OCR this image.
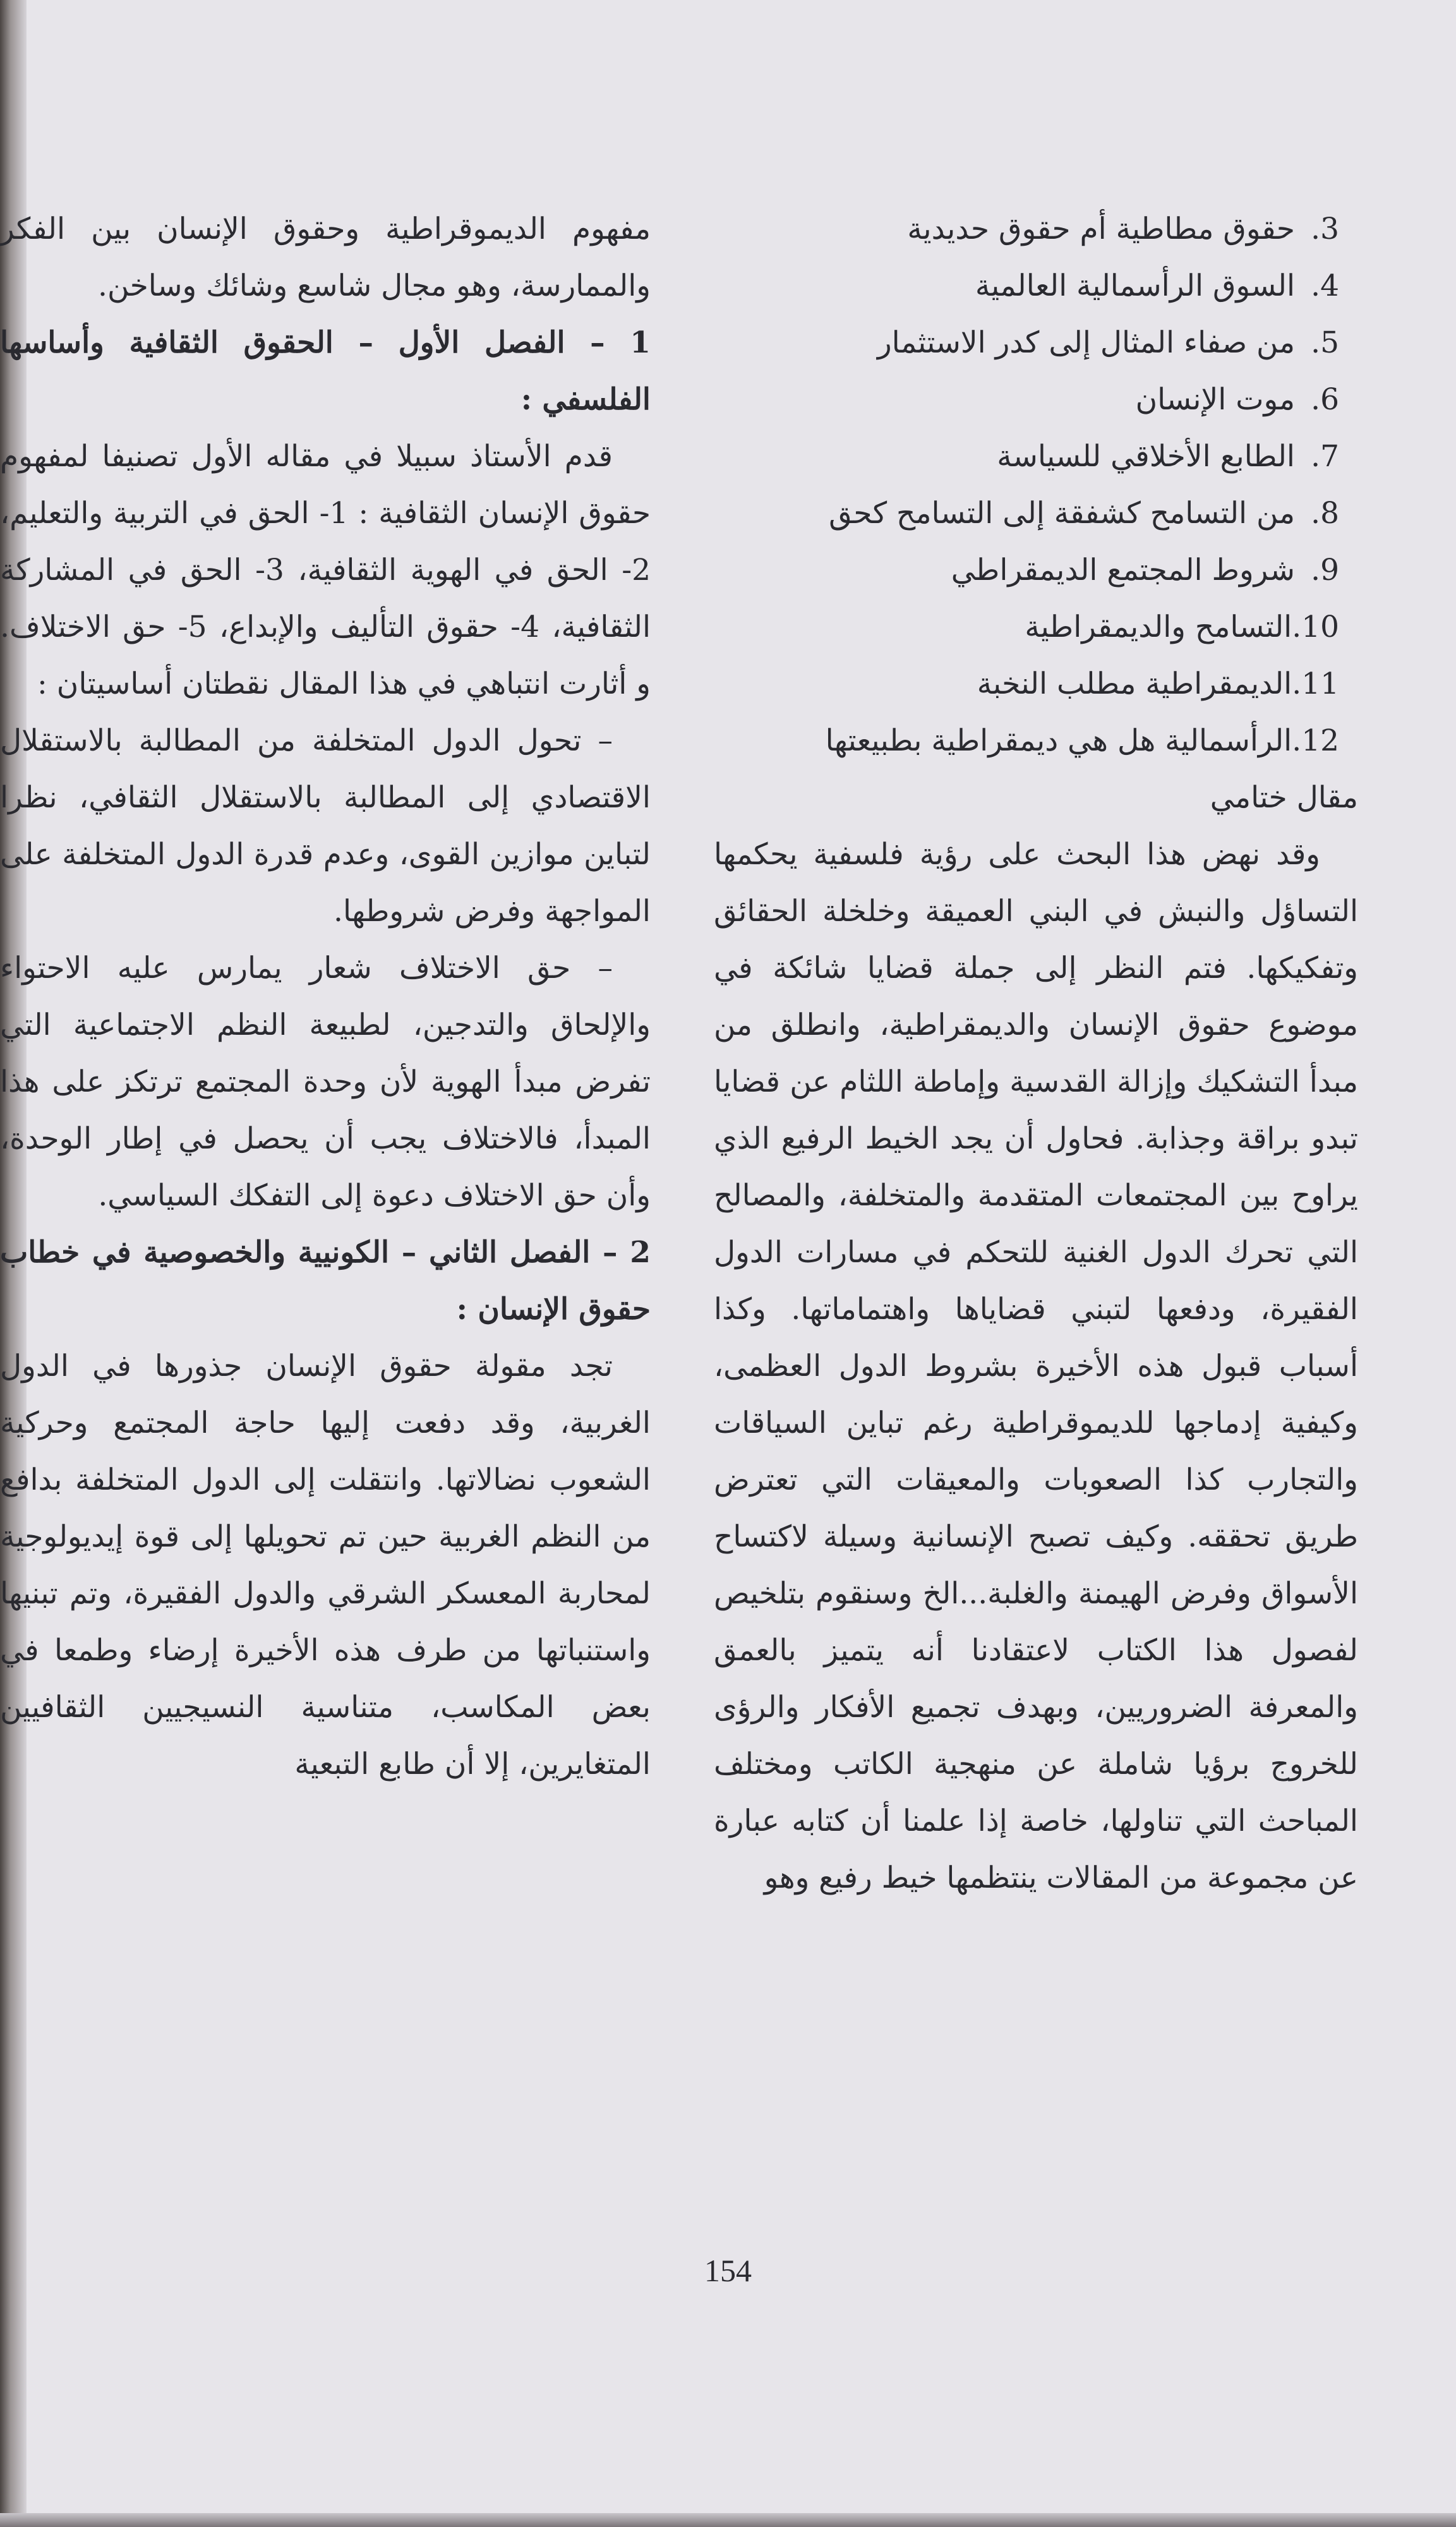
3.حقوق مطاطية أم حقوق حديدية
4.السوق الرأسمالية العالمية
5.من صفاء المثال إلى كدر الاستثمار
6.موت الإنسان
7.الطابع الأخلاقي للسياسة
8.من التسامح كشفقة إلى التسامح كحق
9.شروط المجتمع الديمقراطي
10.التسامح والديمقراطية
11.الديمقراطية مطلب النخبة
12.الرأسمالية هل هي ديمقراطية بطبيعتها

مقال ختامي

وقد نهض هذا البحث على رؤية فلسفية يحكمها التساؤل والنبش في البني العميقة وخلخلة الحقائق وتفكيكها. فتم النظر إلى جملة قضايا شائكة في موضوع حقوق الإنسان والديمقراطية، وانطلق من مبدأ التشكيك وإزالة القدسية وإماطة اللثام عن قضايا تبدو براقة وجذابة. فحاول أن يجد الخيط الرفيع الذي يراوح بين المجتمعات المتقدمة والمتخلفة، والمصالح التي تحرك الدول الغنية للتحكم في مسارات الدول الفقيرة، ودفعها لتبني قضاياها واهتماماتها. وكذا أسباب قبول هذه الأخيرة بشروط الدول العظمى، وكيفية إدماجها للديموقراطية رغم تباين السياقات والتجارب كذا الصعوبات والمعيقات التي تعترض طريق تحققه. وكيف تصبح الإنسانية وسيلة لاكتساح الأسواق وفرض الهيمنة والغلبة...الخ وسنقوم بتلخيص لفصول هذا الكتاب لاعتقادنا أنه يتميز بالعمق والمعرفة الضروريين، وبهدف تجميع الأفكار والرؤى للخروج برؤيا شاملة عن منهجية الكاتب ومختلف المباحث التي تناولها، خاصة إذا علمنا أن كتابه عبارة عن مجموعة من المقالات ينتظمها خيط رفيع وهو

مفهوم الديموقراطية وحقوق الإنسان بين الفكر والممارسة، وهو مجال شاسع وشائك وساخن.

1 – الفصل الأول – الحقوق الثقافية وأساسها الفلسفي :

قدم الأستاذ سبيلا في مقاله الأول تصنيفا لمفهوم حقوق الإنسان الثقافية : 1- الحق في التربية والتعليم، 2- الحق في الهوية الثقافية، 3- الحق في المشاركة الثقافية، 4- حقوق التأليف والإبداع، 5- حق الاختلاف. و أثارت انتباهي في هذا المقال نقطتان أساسيتان :

– تحول الدول المتخلفة من المطالبة بالاستقلال الاقتصادي إلى المطالبة بالاستقلال الثقافي، نظرا لتباين موازين القوى، وعدم قدرة الدول المتخلفة على المواجهة وفرض شروطها.

– حق الاختلاف شعار يمارس عليه الاحتواء والإلحاق والتدجين، لطبيعة النظم الاجتماعية التي تفرض مبدأ الهوية لأن وحدة المجتمع ترتكز على هذا المبدأ، فالاختلاف يجب أن يحصل في إطار الوحدة، وأن حق الاختلاف دعوة إلى التفكك السياسي.

2 – الفصل الثاني – الكونيية والخصوصية في خطاب حقوق الإنسان :

تجد مقولة حقوق الإنسان جذورها في الدول الغربية، وقد دفعت إليها حاجة المجتمع وحركية الشعوب نضالاتها. وانتقلت إلى الدول المتخلفة بدافع من النظم الغربية حين تم تحويلها إلى قوة إيديولوجية لمحاربة المعسكر الشرقي والدول الفقيرة، وتم تبنيها واستنباتها من طرف هذه الأخيرة إرضاء وطمعا في بعض المكاسب، متناسية النسيجيين الثقافيين المتغايرين، إلا أن طابع التبعية

154
